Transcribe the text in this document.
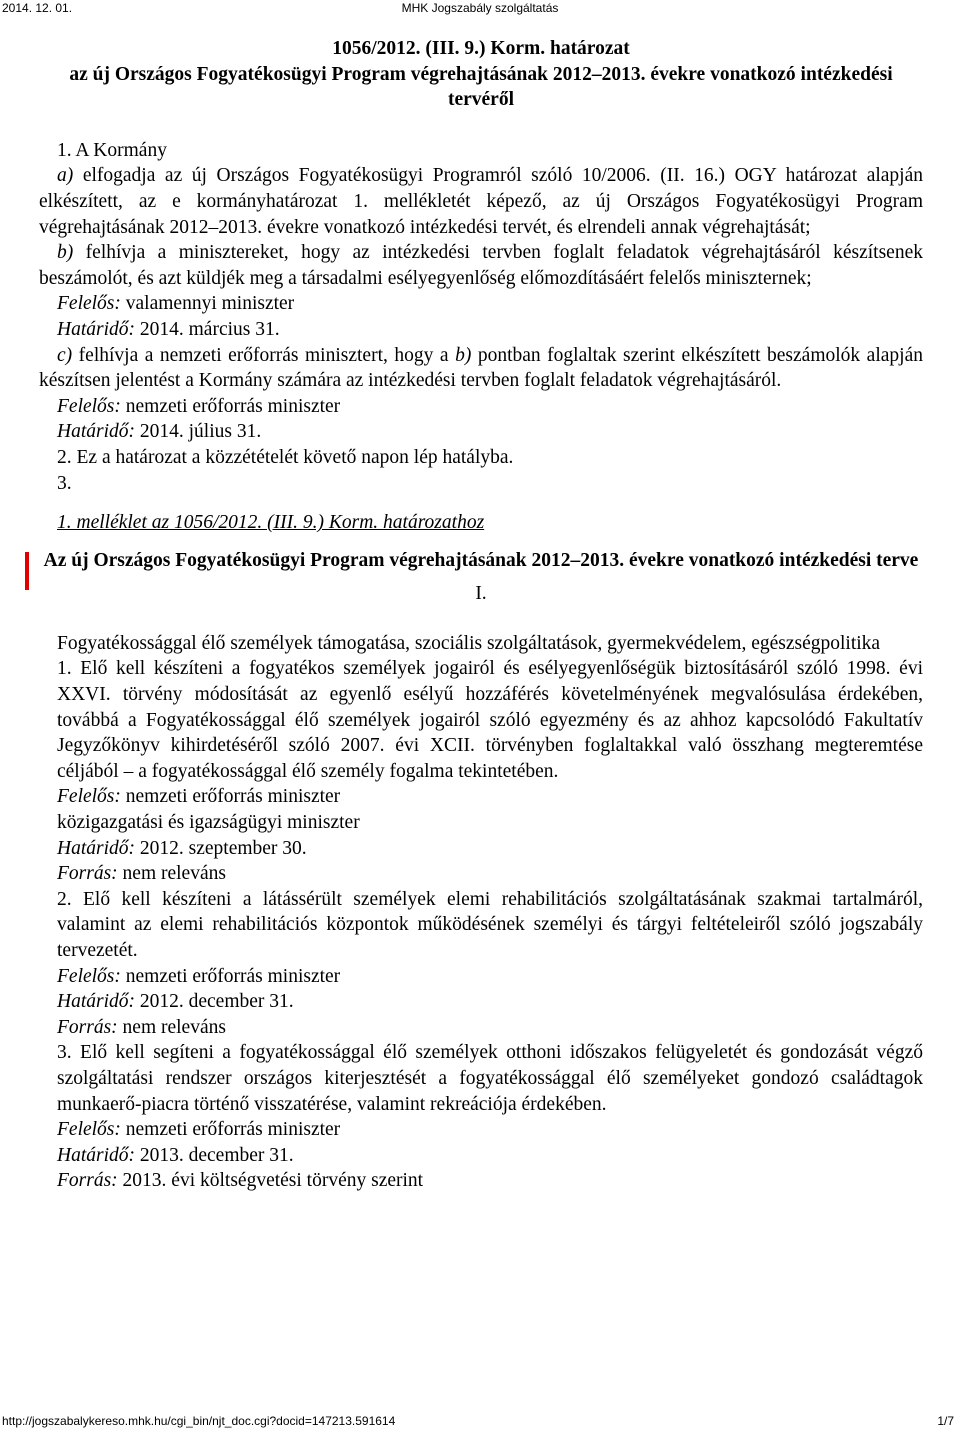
2014. 12. 01.	MHK Jogszabály szolgáltatás

1056/2012. (III. 9.) Korm. határozat

az új Országos Fogyatékosügyi Program végrehajtásának 2012–2013. évekre vonatkozó intézkedési tervéről

1. A Kormány

a) elfogadja az új Országos Fogyatékosügyi Programról szóló 10/2006. (II. 16.) OGY határozat alapján elkészített, az e kormányhatározat 1. mellékletét képező, az új Országos Fogyatékosügyi Program végrehajtásának 2012–2013. évekre vonatkozó intézkedési tervét, és elrendeli annak végrehajtását;

b) felhívja a minisztereket, hogy az intézkedési tervben foglalt feladatok végrehajtásáról készítsenek beszámolót, és azt küldjék meg a társadalmi esélyegyenlőség előmozdításáért felelős miniszternek;

Felelős: valamennyi miniszter

Határidő: 2014. március 31.

c) felhívja a nemzeti erőforrás minisztert, hogy a b) pontban foglaltak szerint elkészített beszámolók alapján készítsen jelentést a Kormány számára az intézkedési tervben foglalt feladatok végrehajtásáról.

Felelős: nemzeti erőforrás miniszter

Határidő: 2014. július 31.

2. Ez a határozat a közzétételét követő napon lép hatályba.

3.

1. melléklet az 1056/2012. (III. 9.) Korm. határozathoz

Az új Országos Fogyatékosügyi Program végrehajtásának 2012–2013. évekre vonatkozó intézkedési terve

I.

Fogyatékossággal élő személyek támogatása, szociális szolgáltatások, gyermekvédelem, egészségpolitika

1. Elő kell készíteni a fogyatékos személyek jogairól és esélyegyenlőségük biztosításáról szóló 1998. évi XXVI. törvény módosítását az egyenlő esélyű hozzáférés követelményének megvalósulása érdekében, továbbá a Fogyatékossággal élő személyek jogairól szóló egyezmény és az ahhoz kapcsolódó Fakultatív Jegyzőkönyv kihirdetéséről szóló 2007. évi XCII. törvényben foglaltakkal való összhang megteremtése céljából – a fogyatékossággal élő személy fogalma tekintetében.

Felelős: nemzeti erőforrás miniszter

közigazgatási és igazságügyi miniszter

Határidő: 2012. szeptember 30.

Forrás: nem releváns

2. Elő kell készíteni a látássérült személyek elemi rehabilitációs szolgáltatásának szakmai tartalmáról, valamint az elemi rehabilitációs központok működésének személyi és tárgyi feltételeiről szóló jogszabály tervezetét.

Felelős: nemzeti erőforrás miniszter

Határidő: 2012. december 31.

Forrás: nem releváns

3. Elő kell segíteni a fogyatékossággal élő személyek otthoni időszakos felügyeletét és gondozását végző szolgáltatási rendszer országos kiterjesztését a fogyatékossággal élő személyeket gondozó családtagok munkaerő-piacra történő visszatérése, valamint rekreációja érdekében.

Felelős: nemzeti erőforrás miniszter

Határidő: 2013. december 31.

Forrás: 2013. évi költségvetési törvény szerint

http://jogszabalykereso.mhk.hu/cgi_bin/njt_doc.cgi?docid=147213.591614	1/7
